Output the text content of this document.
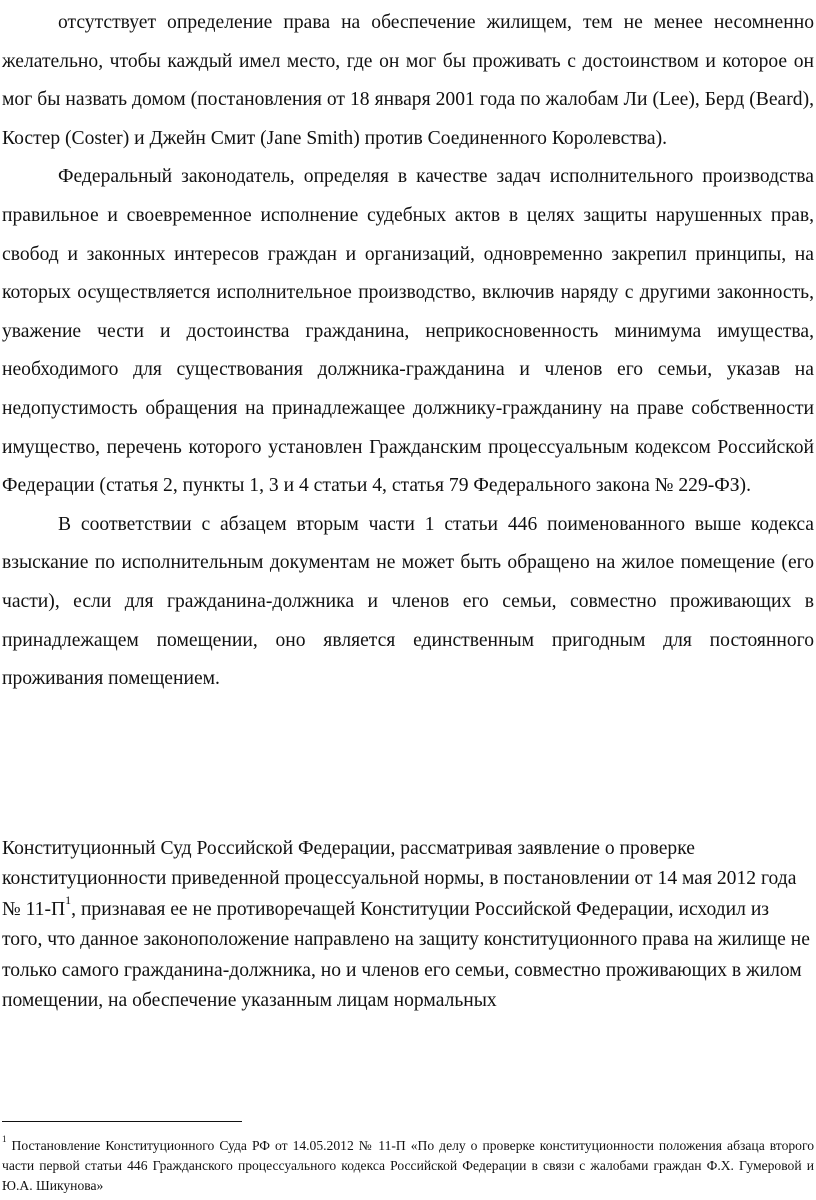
отсутствует определение права на обеспечение жилищем, тем не менее несомненно желательно, чтобы каждый имел место, где он мог бы проживать с достоинством и которое он мог бы назвать домом (постановления от 18 января 2001 года по жалобам Ли (Lee), Берд (Beard), Костер (Coster) и Джейн Смит (Jane Smith) против Соединенного Королевства).

Федеральный законодатель, определяя в качестве задач исполнительного производства правильное и своевременное исполнение судебных актов в целях защиты нарушенных прав, свобод и законных интересов граждан и организаций, одновременно закрепил принципы, на которых осуществляется исполнительное производство, включив наряду с другими законность, уважение чести и достоинства гражданина, неприкосновенность минимума имущества, необходимого для существования должника-гражданина и членов его семьи, указав на недопустимость обращения на принадлежащее должнику-гражданину на праве собственности имущество, перечень которого установлен Гражданским процессуальным кодексом Российской Федерации (статья 2, пункты 1, 3 и 4 статьи 4, статья 79 Федерального закона № 229-ФЗ).

В соответствии с абзацем вторым части 1 статьи 446 поименованного выше кодекса взыскание по исполнительным документам не может быть обращено на жилое помещение (его части), если для гражданина-должника и членов его семьи, совместно проживающих в принадлежащем помещении, оно является единственным пригодным для постоянного проживания помещением.

Конституционный Суд Российской Федерации, рассматривая заявление о проверке конституционности приведенной процессуальной нормы, в постановлении от 14 мая 2012 года № $11-П^1$, признавая ее не противоречащей Конституции Российской Федерации, исходил из того, что данное законоположение направлено на защиту конституционного права на жилище не только самого гражданина-должника, но и членов его семьи, совместно проживающих в жилом помещении, на обеспечение указанным лицам нормальных

$^1$ Постановление Конституционного Суда РФ от 14.05.2012 № 11-П «По делу о проверке конституционности положения абзаца второго части первой статьи 446 Гражданского процессуального кодекса Российской Федерации в связи с жалобами граждан Ф.Х. Гумеровой и Ю.А. Шикунова»
